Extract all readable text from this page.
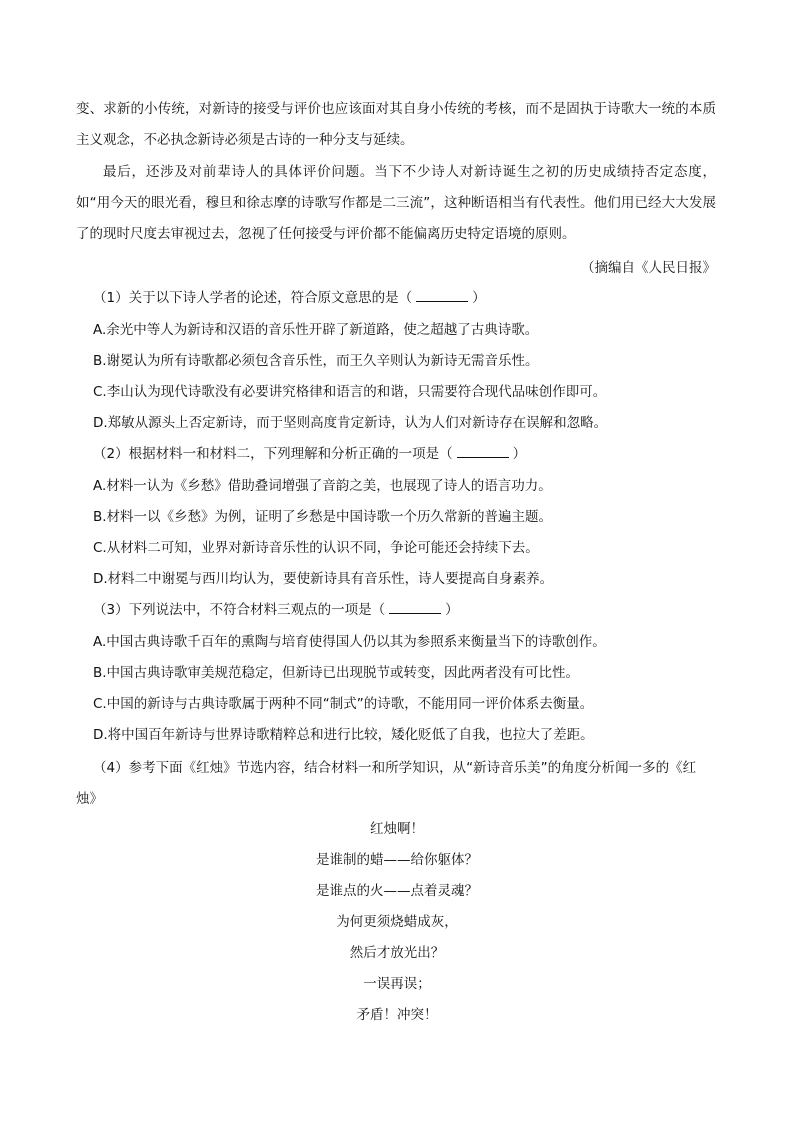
变、求新的小传统，对新诗的接受与评价也应该面对其自身小传统的考核，而不是固执于诗歌大一统的本质主义观念，不必执念新诗必须是古诗的一种分支与延续。

最后，还涉及对前辈诗人的具体评价问题。当下不少诗人对新诗诞生之初的历史成绩持否定态度，如“用今天的眼光看，穆旦和徐志摩的诗歌写作都是二三流”，这种断语相当有代表性。他们用已经大大发展了的现时尺度去审视过去，忽视了任何接受与评价都不能偏离历史特定语境的原则。

（摘编自《人民日报》
（1）关于以下诗人学者的论述，符合原文意思的是（	）
A.余光中等人为新诗和汉语的音乐性开辟了新道路，使之超越了古典诗歌。
B.谢冕认为所有诗歌都必须包含音乐性，而王久辛则认为新诗无需音乐性。
C.李山认为现代诗歌没有必要讲究格律和语言的和谐，只需要符合现代品味创作即可。
D.郑敏从源头上否定新诗，而于坚则高度肯定新诗，认为人们对新诗存在误解和忽略。
（2）根据材料一和材料二，下列理解和分析正确的一项是（	）
A.材料一认为《乡愁》借助叠词增强了音韵之美，也展现了诗人的语言功力。
B.材料一以《乡愁》为例，证明了乡愁是中国诗歌一个历久常新的普遍主题。
C.从材料二可知，业界对新诗音乐性的认识不同，争论可能还会持续下去。
D.材料二中谢冕与西川均认为，要使新诗具有音乐性，诗人要提高自身素养。
（3）下列说法中，不符合材料三观点的一项是（	）
A.中国古典诗歌千百年的熏陶与培育使得国人仍以其为参照系来衡量当下的诗歌创作。
B.中国古典诗歌审美规范稳定，但新诗已出现脱节或转变，因此两者没有可比性。
C.中国的新诗与古典诗歌属于两种不同“制式”的诗歌，不能用同一评价体系去衡量。
D.将中国百年新诗与世界诗歌精粹总和进行比较，矮化贬低了自我，也拉大了差距。
（4）参考下面《红烛》节选内容，结合材料一和所学知识，从“新诗音乐美”的角度分析闻一多的《红
烛》
红烛啊！
是谁制的蜡——给你躯体？
是谁点的火——点着灵魂？
为何更须烧蜡成灰，
然后才放光出？
一误再误；
矛盾！冲突！
